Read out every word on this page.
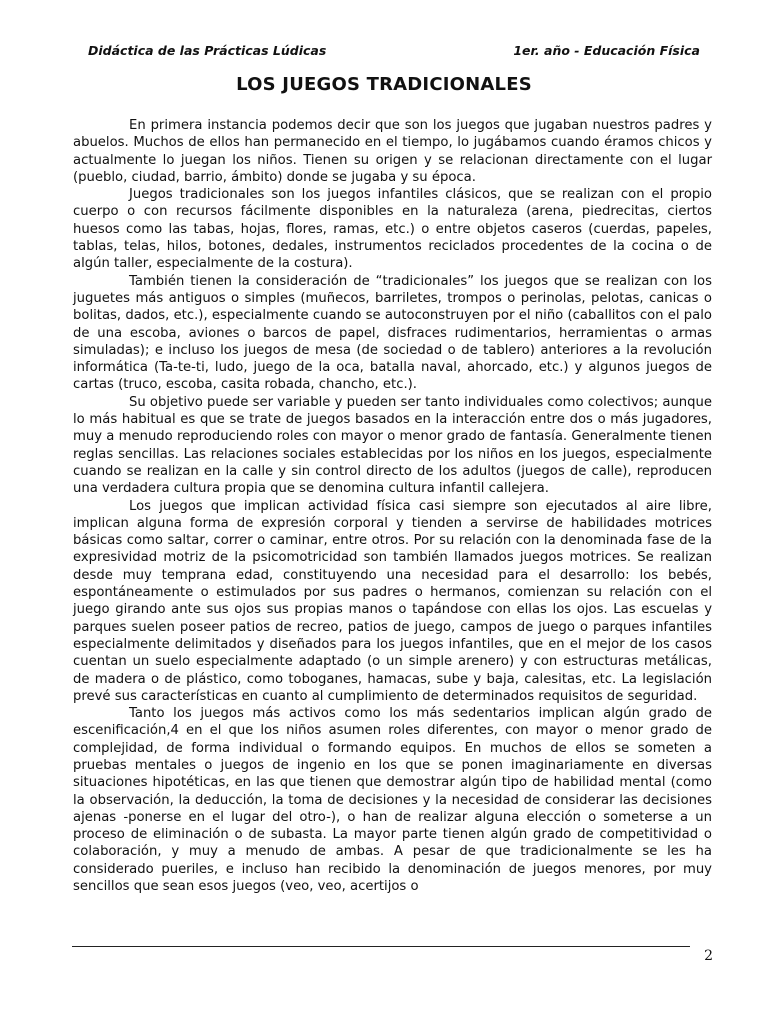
Didáctica de las Prácticas Lúdicas	1er. año - Educación Física
LOS JUEGOS TRADICIONALES

En primera instancia podemos decir que son los juegos que jugaban nuestros padres y abuelos. Muchos de ellos han permanecido en el tiempo, lo jugábamos cuando éramos chicos y actualmente lo juegan los niños. Tienen su origen y se relacionan directamente con el lugar (pueblo, ciudad, barrio, ámbito) donde se jugaba y su época.

Juegos tradicionales son los juegos infantiles clásicos, que se realizan con el propio cuerpo o con recursos fácilmente disponibles en la naturaleza (arena, piedrecitas, ciertos huesos como las tabas, hojas, flores, ramas, etc.) o entre objetos caseros (cuerdas, papeles, tablas, telas, hilos, botones, dedales, instrumentos reciclados procedentes de la cocina o de algún taller, especialmente de la costura).

También tienen la consideración de “tradicionales” los juegos que se realizan con los juguetes más antiguos o simples (muñecos, barriletes, trompos o perinolas, pelotas, canicas o bolitas, dados, etc.), especialmente cuando se autoconstruyen por el niño (caballitos con el palo de una escoba, aviones o barcos de papel, disfraces rudimentarios, herramientas o armas simuladas); e incluso los juegos de mesa (de sociedad o de tablero) anteriores a la revolución informática (Ta-te-ti, ludo, juego de la oca, batalla naval, ahorcado, etc.) y algunos juegos de cartas (truco, escoba, casita robada, chancho, etc.).

Su objetivo puede ser variable y pueden ser tanto individuales como colectivos; aunque lo más habitual es que se trate de juegos basados en la interacción entre dos o más jugadores, muy a menudo reproduciendo roles con mayor o menor grado de fantasía. Generalmente tienen reglas sencillas. Las relaciones sociales establecidas por los niños en los juegos, especialmente cuando se realizan en la calle y sin control directo de los adultos (juegos de calle), reproducen una verdadera cultura propia que se denomina cultura infantil callejera.

Los juegos que implican actividad física casi siempre son ejecutados al aire libre, implican alguna forma de expresión corporal y tienden a servirse de habilidades motrices básicas como saltar, correr o caminar, entre otros. Por su relación con la denominada fase de la expresividad motriz de la psicomotricidad son también llamados juegos motrices. Se realizan desde muy temprana edad, constituyendo una necesidad para el desarrollo: los bebés, espontáneamente o estimulados por sus padres o hermanos, comienzan su relación con el juego girando ante sus ojos sus propias manos o tapándose con ellas los ojos. Las escuelas y parques suelen poseer patios de recreo, patios de juego, campos de juego o parques infantiles especialmente delimitados y diseñados para los juegos infantiles, que en el mejor de los casos cuentan un suelo especialmente adaptado (o un simple arenero) y con estructuras metálicas, de madera o de plástico, como toboganes, hamacas, sube y baja, calesitas, etc. La legislación prevé sus características en cuanto al cumplimiento de determinados requisitos de seguridad.

Tanto los juegos más activos como los más sedentarios implican algún grado de escenificación,4 en el que los niños asumen roles diferentes, con mayor o menor grado de complejidad, de forma individual o formando equipos. En muchos de ellos se someten a pruebas mentales o juegos de ingenio en los que se ponen imaginariamente en diversas situaciones hipotéticas, en las que tienen que demostrar algún tipo de habilidad mental (como la observación, la deducción, la toma de decisiones y la necesidad de considerar las decisiones ajenas -ponerse en el lugar del otro-), o han de realizar alguna elección o someterse a un proceso de eliminación o de subasta. La mayor parte tienen algún grado de competitividad o colaboración, y muy a menudo de ambas. A pesar de que tradicionalmente se les ha considerado pueriles, e incluso han recibido la denominación de juegos menores, por muy sencillos que sean esos juegos (veo, veo, acertijos o

2
